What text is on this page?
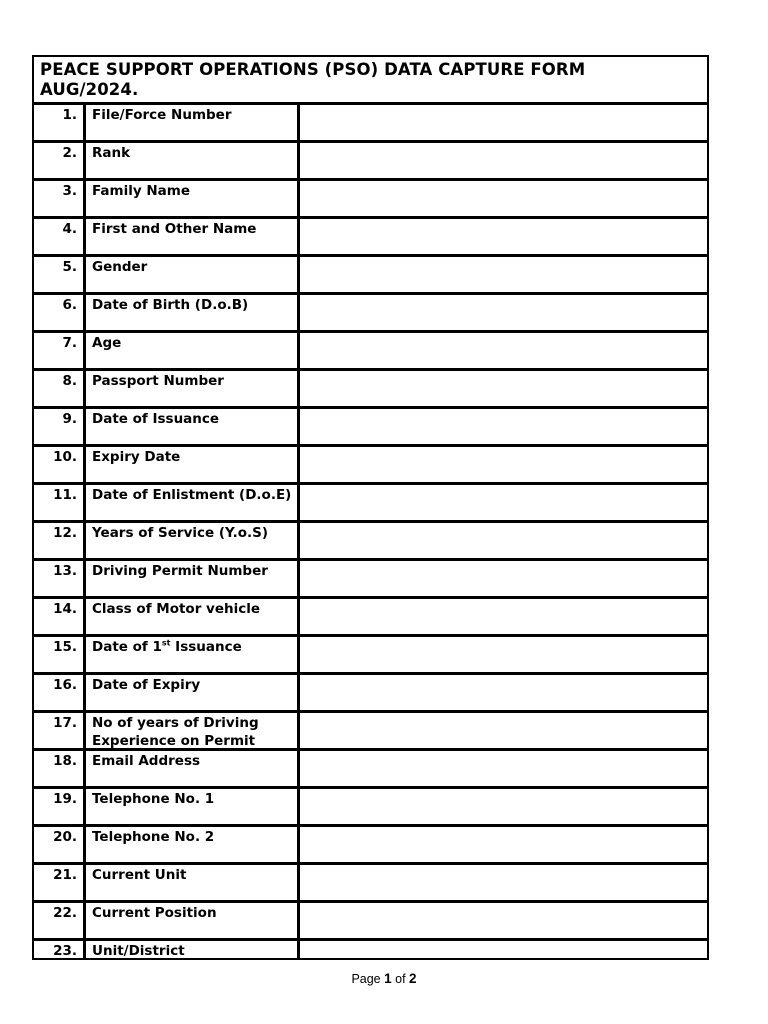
PEACE SUPPORT OPERATIONS (PSO) DATA CAPTURE FORM
AUG/2024.
1.	File/Force Number
2.	Rank
3.	Family Name
4.	First and Other Name
5.	Gender
6.	Date of Birth (D.o.B)
7.	Age
8.	Passport Number
9.	Date of Issuance
10.	Expiry Date
11.	Date of Enlistment (D.o.E)
12.	Years of Service (Y.o.S)
13.	Driving Permit Number
14.	Class of Motor vehicle
15.	Date of 1st Issuance
16.	Date of Expiry
17.	No of years of Driving Experience on Permit
18.	Email Address
19.	Telephone No. 1
20.	Telephone No. 2
21.	Current Unit
22.	Current Position
23.	Unit/District
Page 1 of 2
